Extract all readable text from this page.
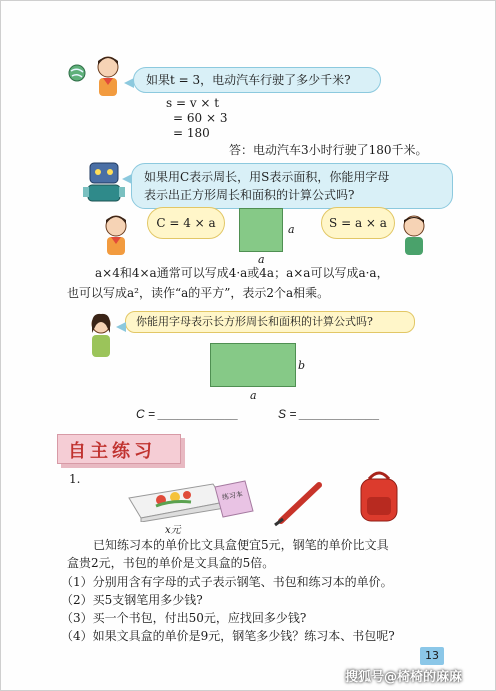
如果t = 3，电动汽车行驶了多少千米?
s = v × t
= 60 × 3
= 180
答：电动汽车3小时行驶了180千米。
如果用C表示周长，用S表示面积，你能用字母
表示出正方形周长和面积的计算公式吗?
C = 4 × a	a
a
S = a × a
a×4和4×a通常可以写成4·a或4a；a×a可以写成a·a，
也可以写成a²，读作“a的平方”，表示2个a相乘。
你能用字母表示长方形周长和面积的计算公式吗?
b
a
C = ____________	S = ____________
自主练习
1.
x元
练习本
已知练习本的单价比文具盒便宜5元，钢笔的单价比文具
盒贵2元，书包的单价是文具盒的5倍。
（1）分别用含有字母的式子表示钢笔、书包和练习本的单价。
（2）买5支钢笔用多少钱?
（3）买一个书包，付出50元，应找回多少钱?
（4）如果文具盒的单价是9元，钢笔多少钱？练习本、书包呢?
13
搜狐号@椅椅的麻麻
